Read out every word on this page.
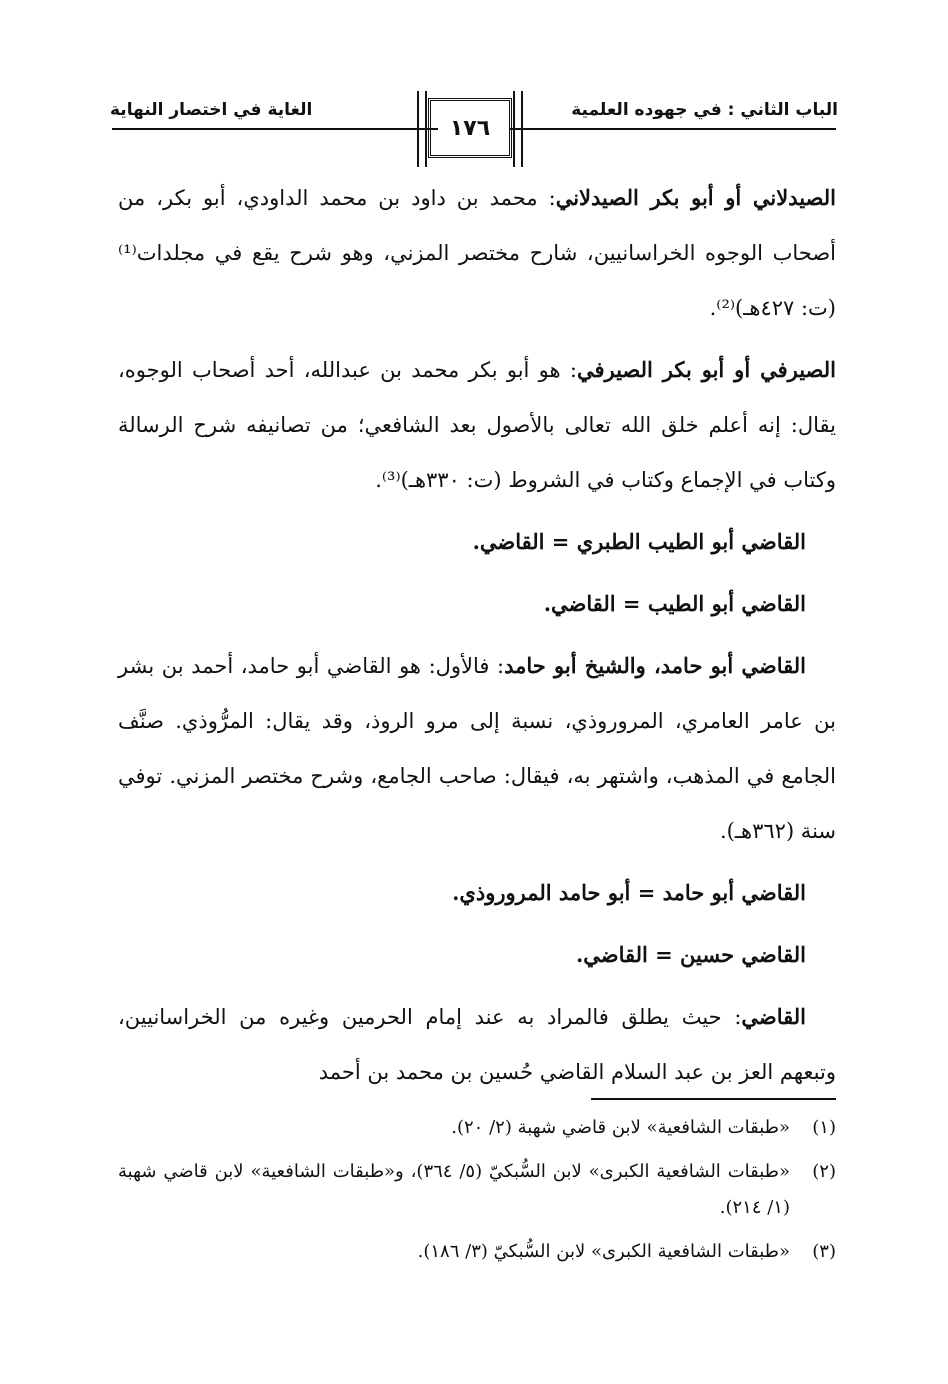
الباب الثاني : في جهوده العلمية
الغاية في اختصار النهاية
١٧٦

الصيدلاني أو أبو بكر الصيدلاني: محمد بن داود بن محمد الداودي، أبو بكر، من أصحاب الوجوه الخراسانيين، شارح مختصر المزني، وهو شرح يقع في مجلدات⁽¹⁾ (ت: ٤٢٧هـ)⁽²⁾.

الصيرفي أو أبو بكر الصيرفي: هو أبو بكر محمد بن عبدالله، أحد أصحاب الوجوه، يقال: إنه أعلم خلق الله تعالى بالأصول بعد الشافعي؛ من تصانيفه شرح الرسالة وكتاب في الإجماع وكتاب في الشروط (ت: ٣٣٠هـ)⁽³⁾.

القاضي أبو الطيب الطبري = القاضي.

القاضي أبو الطيب = القاضي.

القاضي أبو حامد، والشيخ أبو حامد: فالأول: هو القاضي أبو حامد، أحمد بن بشر بن عامر العامري، المروروذي، نسبة إلى مرو الروذ، وقد يقال: المرُّوذي. صنَّف الجامع في المذهب، واشتهر به، فيقال: صاحب الجامع، وشرح مختصر المزني. توفي سنة (٣٦٢هـ).

القاضي أبو حامد = أبو حامد المروروذي.

القاضي حسين = القاضي.

القاضي: حيث يطلق فالمراد به عند إمام الحرمين وغيره من الخراسانيين، وتبعهم العز بن عبد السلام القاضي حُسين بن محمد بن أحمد

(١)
«طبقات الشافعية» لابن قاضي شهبة (٢/ ٢٠).
(٢)
«طبقات الشافعية الكبرى» لابن السُّبكيّ (٥/ ٣٦٤)، و«طبقات الشافعية» لابن قاضي شهبة (١/ ٢١٤).
(٣)
«طبقات الشافعية الكبرى» لابن السُّبكيّ (٣/ ١٨٦).
